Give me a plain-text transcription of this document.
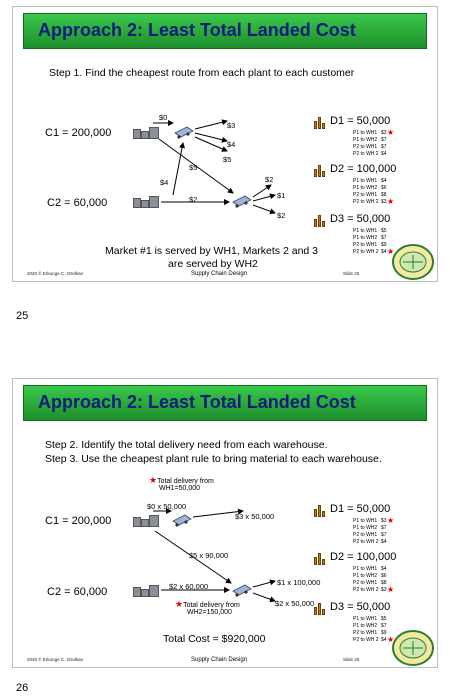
Approach 2: Least Total Landed Cost
Step 1. Find the cheapest route from each plant to each customer
C1 = 200,000
C2 = 60,000
$0
$3
$4
$5
$5
$4
$2
$2
$1
$2
D1 = 50,000
D2 = 100,000
D3 = 50,000
P1 to WH1 $3 ★
P1 to WH2 $7
P2 to WH1 $7
P2 to WH 2 $4
P1 to WH1 $4
P1 to WH2 $6
P2 to WH1 $8
P2 to WH 2 $3 ★
P1 to WH1 $5
P1 to WH2 $7
P2 to WH1 $9
P2 to WH 2 $4 ★
Market #1 is served by WH1, Markets 2 and 3
are served by WH2
2020 © Erkunge C. Ozelkan	Supply Chain Design	Slide 25
25
Approach 2: Least Total Landed Cost
Step 2. Identify the total delivery need from each warehouse.
Step 3. Use the cheapest plant rule to bring material to each warehouse.
★Total delivery from
WH1=50,000
C1 = 200,000
C2 = 60,000
$0 x 50,000
$3 x 50,000
$5 x 90,000
$2 x 60,000	$1 x 100,000
$2 x 50,000
★Total delivery from
WH2=150,000
D1 = 50,000
D2 = 100,000
D3 = 50,000
P1 to WH1 $3 ★
P1 to WH2 $7
P2 to WH1 $7
P2 to WH 2 $4
P1 to WH1 $4
P1 to WH2 $6
P2 to WH1 $8
P2 to WH 2 $3 ★
P1 to WH1 $5
P1 to WH2 $7
P2 to WH1 $9
P2 to WH 2 $4 ★
Total Cost = $920,000
2020 © Erkunge C. Ozelkan	Supply Chain Design	Slide 26
26
